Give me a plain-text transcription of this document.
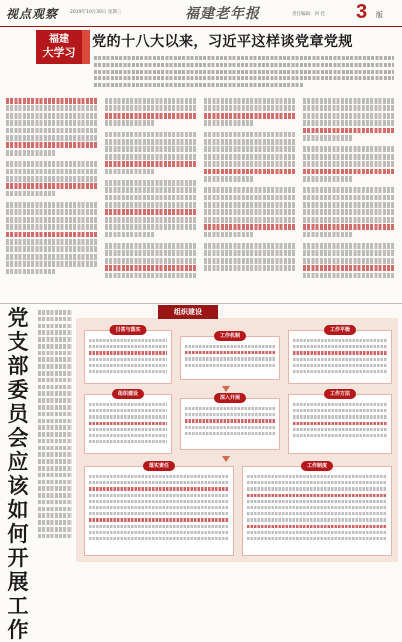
视点观察	2019年10月30日 星期三	福建老年报	责任编辑：何 佳 3 版
福建
大学习
党的十八大以来，习近平这样谈党章党规
党支部委员会应该如何开展工作
组织建设
日常与落实
工作机制
工作平衡
组织建设
深入开展
工作方法
落实责任	工作制度
